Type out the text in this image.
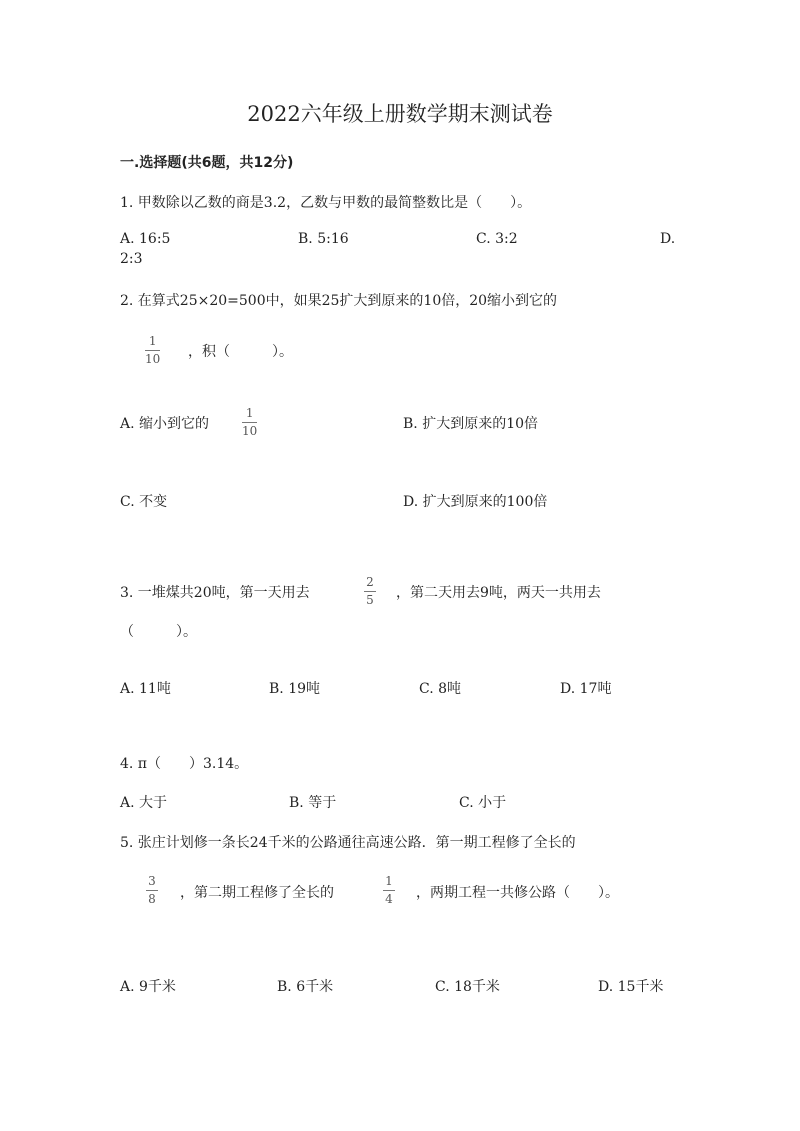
2022六年级上册数学期末测试卷
一.选择题(共6题，共12分)
1. 甲数除以乙数的商是3.2，乙数与甲数的最简整数比是（　　）。
A. 16:5	B. 5:16	C. 3:2	D.
2:3
2. 在算式25×20=500中，如果25扩大到原来的10倍，20缩小到它的
1
10 ，积（　　　）。
A. 缩小到它的
1
10	B. 扩大到原来的10倍
C. 不变	D. 扩大到原来的100倍
3. 一堆煤共20吨，第一天用去
2
5 ，第二天用去9吨，两天一共用去
（　　　）。
A. 11吨	B. 19吨	C. 8吨	D. 17吨
4. π（　　）3.14。
A. 大于	B. 等于	C. 小于
5. 张庄计划修一条长24千米的公路通往高速公路．第一期工程修了全长的
3
8 ，第二期工程修了全长的
1
4 ，两期工程一共修公路（　　）。
A. 9千米	B. 6千米	C. 18千米	D. 15千米
